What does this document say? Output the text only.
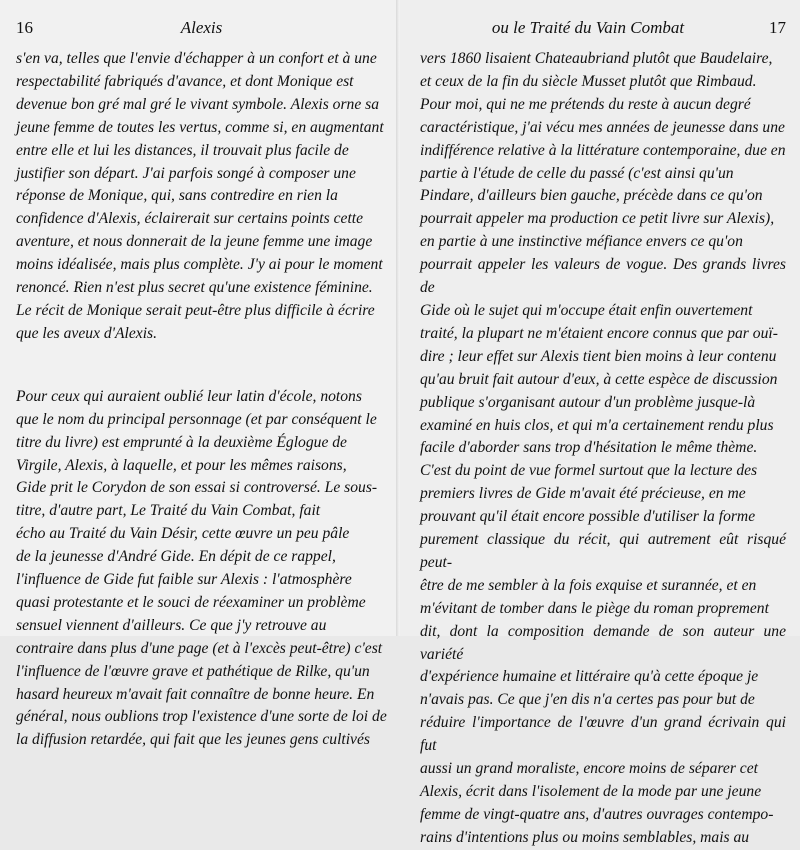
16	Alexis

s'en va, telles que l'envie d'échapper à un confort et à une
respectabilité fabriqués d'avance, et dont Monique est
devenue bon gré mal gré le vivant symbole. Alexis orne sa
jeune femme de toutes les vertus, comme si, en augmentant
entre elle et lui les distances, il trouvait plus facile de
justifier son départ. J'ai parfois songé à composer une
réponse de Monique, qui, sans contredire en rien la
confidence d'Alexis, éclairerait sur certains points cette
aventure, et nous donnerait de la jeune femme une image
moins idéalisée, mais plus complète. J'y ai pour le moment
renoncé. Rien n'est plus secret qu'une existence féminine.
Le récit de Monique serait peut-être plus difficile à écrire
que les aveux d'Alexis.

Pour ceux qui auraient oublié leur latin d'école, notons
que le nom du principal personnage (et par conséquent le
titre du livre) est emprunté à la deuxième Églogue de
Virgile, Alexis, à laquelle, et pour les mêmes raisons,
Gide prit le Corydon de son essai si controversé. Le sous-
titre, d'autre part, Le Traité du Vain Combat, fait
écho au Traité du Vain Désir, cette œuvre un peu pâle
de la jeunesse d'André Gide. En dépit de ce rappel,
l'influence de Gide fut faible sur Alexis : l'atmosphère
quasi protestante et le souci de réexaminer un problème
sensuel viennent d'ailleurs. Ce que j'y retrouve au
contraire dans plus d'une page (et à l'excès peut-être) c'est
l'influence de l'œuvre grave et pathétique de Rilke, qu'un
hasard heureux m'avait fait connaître de bonne heure. En
général, nous oublions trop l'existence d'une sorte de loi de
la diffusion retardée, qui fait que les jeunes gens cultivés

ou le Traité du Vain Combat	17

vers 1860 lisaient Chateaubriand plutôt que Baudelaire,
et ceux de la fin du siècle Musset plutôt que Rimbaud.
Pour moi, qui ne me prétends du reste à aucun degré
caractéristique, j'ai vécu mes années de jeunesse dans une
indifférence relative à la littérature contemporaine, due en
partie à l'étude de celle du passé (c'est ainsi qu'un
Pindare, d'ailleurs bien gauche, précède dans ce qu'on
pourrait appeler ma production ce petit livre sur Alexis),
en partie à une instinctive méfiance envers ce qu'on
pourrait appeler les valeurs de vogue. Des grands livres de
Gide où le sujet qui m'occupe était enfin ouvertement
traité, la plupart ne m'étaient encore connus que par ouï-
dire ; leur effet sur Alexis tient bien moins à leur contenu
qu'au bruit fait autour d'eux, à cette espèce de discussion
publique s'organisant autour d'un problème jusque-là
examiné en huis clos, et qui m'a certainement rendu plus
facile d'aborder sans trop d'hésitation le même thème.
C'est du point de vue formel surtout que la lecture des
premiers livres de Gide m'avait été précieuse, en me
prouvant qu'il était encore possible d'utiliser la forme
purement classique du récit, qui autrement eût risqué peut-
être de me sembler à la fois exquise et surannée, et en
m'évitant de tomber dans le piège du roman proprement
dit, dont la composition demande de son auteur une variété
d'expérience humaine et littéraire qu'à cette époque je
n'avais pas. Ce que j'en dis n'a certes pas pour but de
réduire l'importance de l'œuvre d'un grand écrivain qui fut
aussi un grand moraliste, encore moins de séparer cet
Alexis, écrit dans l'isolement de la mode par une jeune
femme de vingt-quatre ans, d'autres ouvrages contempo-
rains d'intentions plus ou moins semblables, mais au
